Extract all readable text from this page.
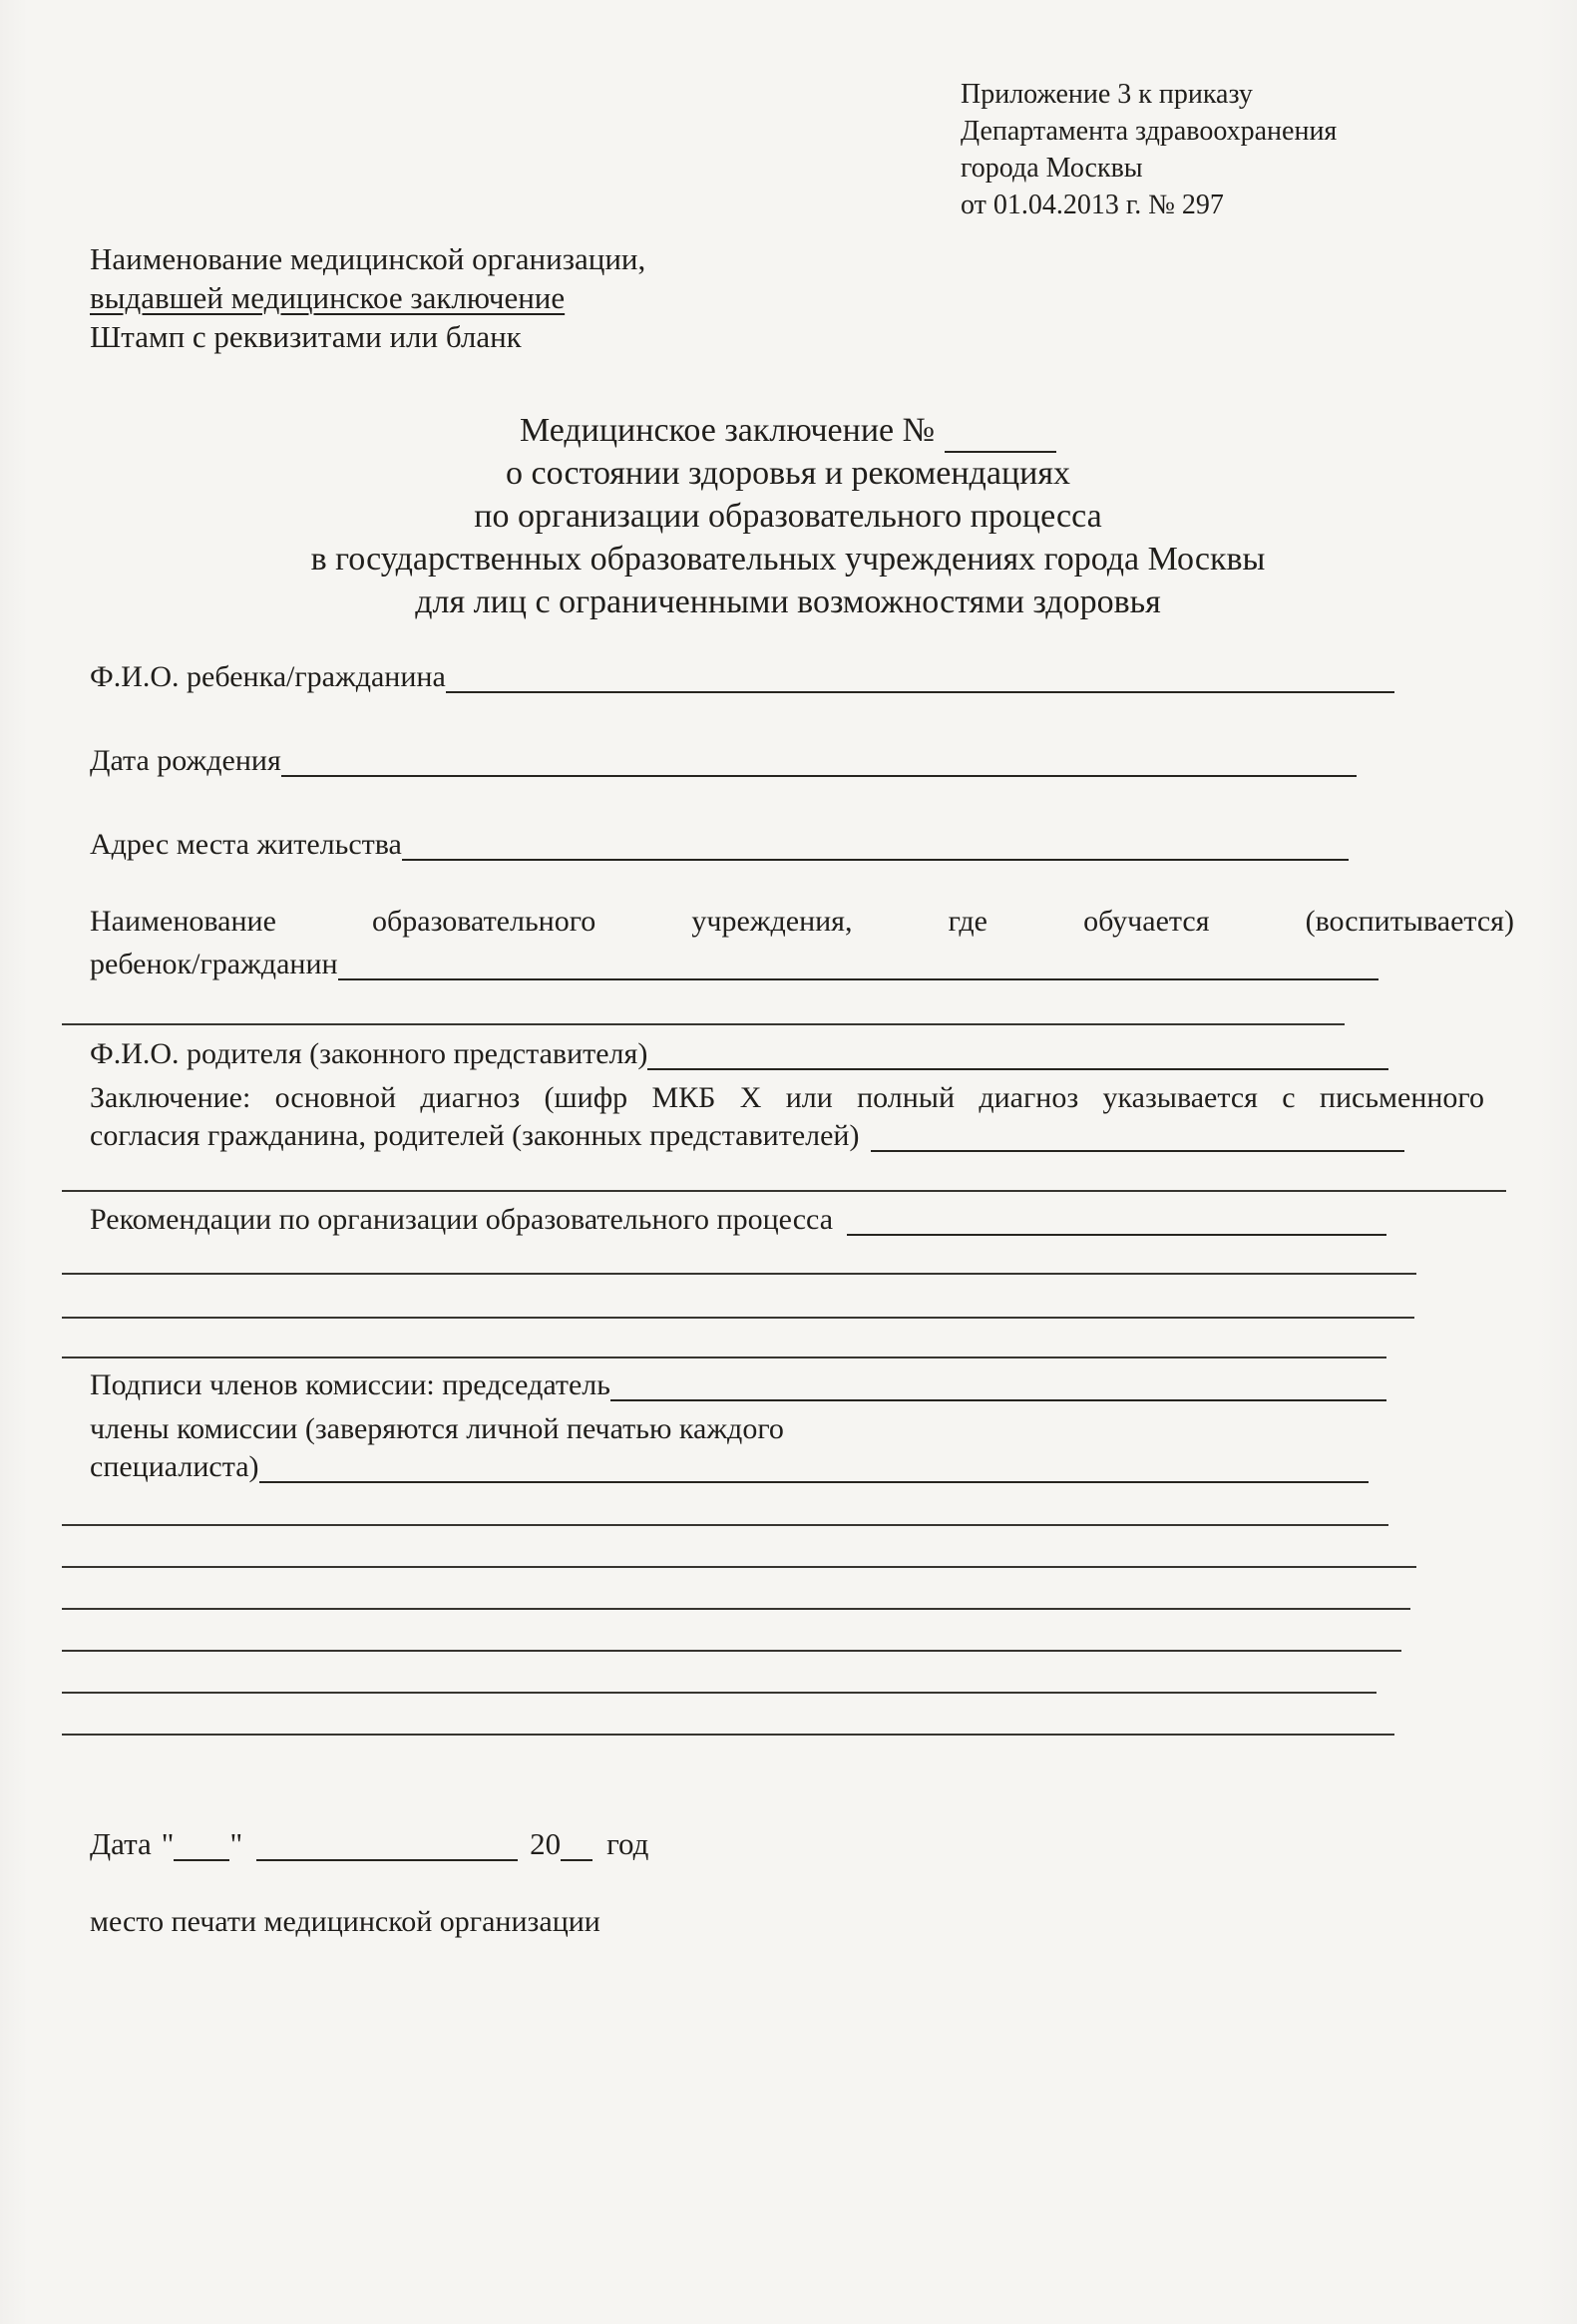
Приложение 3 к приказу
Департамента здравоохранения
города Москвы
от 01.04.2013 г. № 297
Наименование медицинской организации,
выдавшей медицинское заключение
Штамп с реквизитами или бланк
Медицинское заключение №
о состоянии здоровья и рекомендациях
по организации образовательного процесса
в государственных образовательных учреждениях города Москвы
для лиц с ограниченными возможностями здоровья
Ф.И.О. ребенка/гражданина
Дата рождения
Адрес места жительства
Наименование	образовательного	учреждения,	где	обучается	(воспитывается)
ребенок/гражданин
Ф.И.О. родителя (законного представителя)
Заключение: основной диагноз (шифр МКБ Х или полный диагноз указывается с письменного
согласия гражданина, родителей (законных представителей)
Рекомендации по организации образовательного процесса
Подписи членов комиссии: председатель
члены комиссии (заверяются личной печатью каждого
специалиста)
Дата " "	20 год
место печати медицинской организации
